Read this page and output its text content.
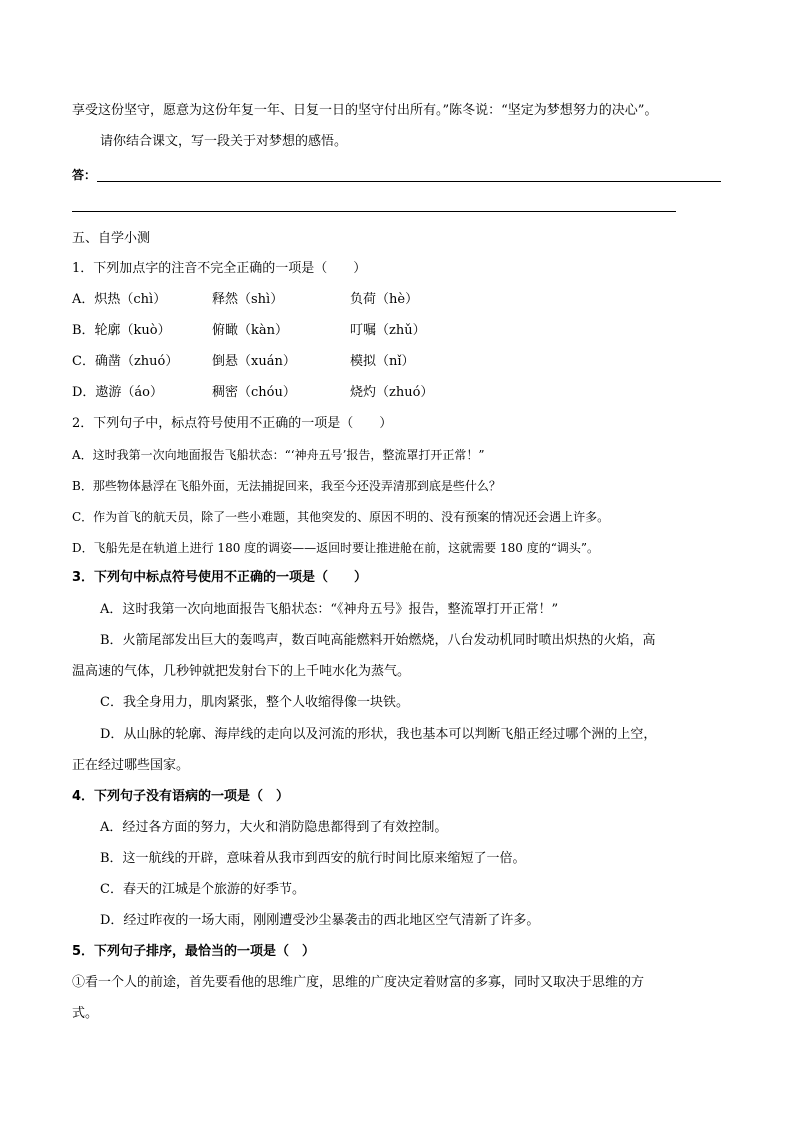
享受这份坚守，愿意为这份年复一年、日复一日的坚守付出所有。”陈冬说：“坚定为梦想努力的决心”。
请你结合课文，写一段关于对梦想的感悟。
答：
五、自学小测
1．下列加点字的注音不完全正确的一项是（　　）
A．炽热（chì）	释然（shì）	负荷（hè）
B．轮廓（kuò）	俯瞰（kàn）	叮嘱（zhǔ）
C．确凿（zhuó）	倒悬（xuán）	模拟（nǐ）
D．遨游（áo）	稠密（chóu）	烧灼（zhuó）
2．下列句子中，标点符号使用不正确的一项是（　　）
A．这时我第一次向地面报告飞船状态：“‘神舟五号’报告，整流罩打开正常！”
B．那些物体悬浮在飞船外面，无法捕捉回来，我至今还没弄清那到底是些什么？
C．作为首飞的航天员，除了一些小难题，其他突发的、原因不明的、没有预案的情况还会遇上许多。
D．飞船先是在轨道上进行 180 度的调姿——返回时要让推进舱在前，这就需要 180 度的“调头”。
3．下列句中标点符号使用不正确的一项是（　　）
A．这时我第一次向地面报告飞船状态：“《神舟五号》报告，整流罩打开正常！”
B．火箭尾部发出巨大的轰鸣声，数百吨高能燃料开始燃烧，八台发动机同时喷出炽热的火焰，高
温高速的气体，几秒钟就把发射台下的上千吨水化为蒸气。
C．我全身用力，肌肉紧张，整个人收缩得像一块铁。
D．从山脉的轮廓、海岸线的走向以及河流的形状，我也基本可以判断飞船正经过哪个洲的上空，
正在经过哪些国家。
4．下列句子没有语病的一项是（　）
A．经过各方面的努力，大火和消防隐患都得到了有效控制。
B．这一航线的开辟，意味着从我市到西安的航行时间比原来缩短了一倍。
C．春天的江城是个旅游的好季节。
D．经过昨夜的一场大雨，刚刚遭受沙尘暴袭击的西北地区空气清新了许多。
5．下列句子排序，最恰当的一项是（　）
①看一个人的前途，首先要看他的思维广度，思维的广度决定着财富的多寡，同时又取决于思维的方
式。
